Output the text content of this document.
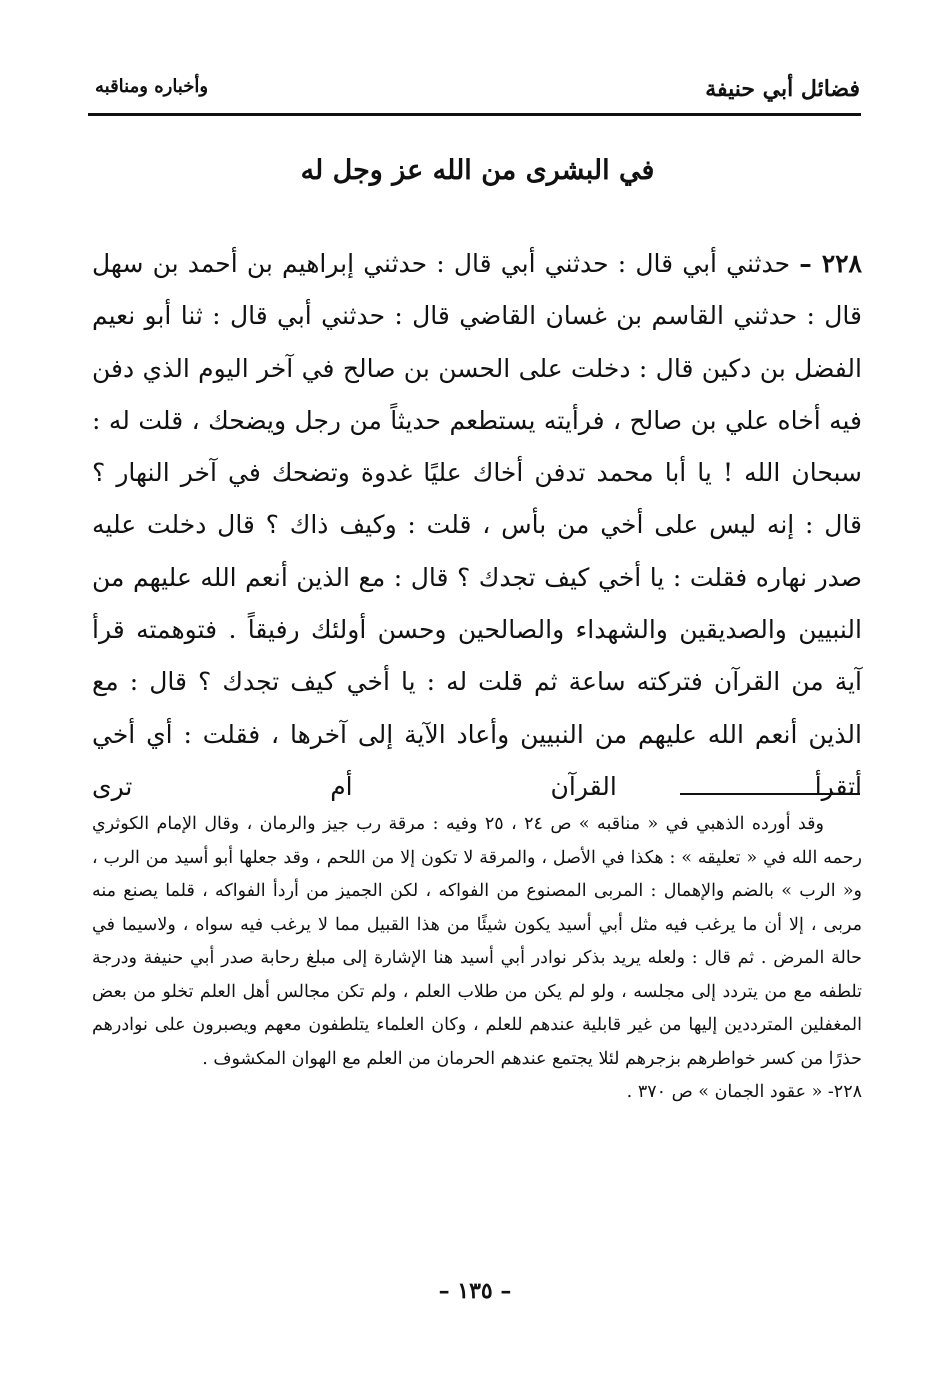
فضائل أبي حنيفة
وأخباره ومناقبه
في البشرى من الله عز وجل له

٢٢٨ – حدثني أبي قال : حدثني أبي قال : حدثني إبراهيم بن أحمد بن سهل قال : حدثني القاسم بن غسان القاضي قال : حدثني أبي قال : ثنا أبو نعيم الفضل بن دكين قال : دخلت على الحسن بن صالح في آخر اليوم الذي دفن فيه أخاه علي بن صالح ، فرأيته يستطعم حديثاً من رجل ويضحك ، قلت له : سبحان الله ! يا أبا محمد تدفن أخاك عليًا غدوة وتضحك في آخر النهار ؟ قال : إنه ليس على أخي من بأس ، قلت : وكيف ذاك ؟ قال دخلت عليه صدر نهاره فقلت : يا أخي كيف تجدك ؟ قال : مع الذين أنعم الله عليهم من النبيين والصديقين والشهداء والصالحين وحسن أولئك رفيقاً . فتوهمته قرأ آية من القرآن فتركته ساعة ثم قلت له : يا أخي كيف تجدك ؟ قال : مع الذين أنعم الله عليهم من النبيين وأعاد الآية إلى آخرها ، فقلت : أي أخي أتقرأ القرآن أم ترى

وقد أورده الذهبي في « مناقبه » ص ٢٤ ، ٢٥ وفيه : مرقة رب جيز والرمان ، وقال الإمام الكوثري رحمه الله في « تعليقه » : هكذا في الأصل ، والمرقة لا تكون إلا من اللحم ، وقد جعلها أبو أسيد من الرب ، و« الرب » بالضم والإهمال : المربى المصنوع من الفواكه ، لكن الجميز من أردأ الفواكه ، قلما يصنع منه مربى ، إلا أن ما يرغب فيه مثل أبي أسيد يكون شيئًا من هذا القبيل مما لا يرغب فيه سواه ، ولاسيما في حالة المرض . ثم قال : ولعله يريد بذكر نوادر أبي أسيد هنا الإشارة إلى مبلغ رحابة صدر أبي حنيفة ودرجة تلطفه مع من يتردد إلى مجلسه ، ولو لم يكن من طلاب العلم ، ولم تكن مجالس أهل العلم تخلو من بعض المغفلين المترددين إليها من غير قابلية عندهم للعلم ، وكان العلماء يتلطفون معهم ويصبرون على نوادرهم حذرًا من كسر خواطرهم بزجرهم لئلا يجتمع عندهم الحرمان من العلم مع الهوان المكشوف .

٢٢٨- « عقود الجمان » ص ٣٧٠ .

– ١٣٥ –
